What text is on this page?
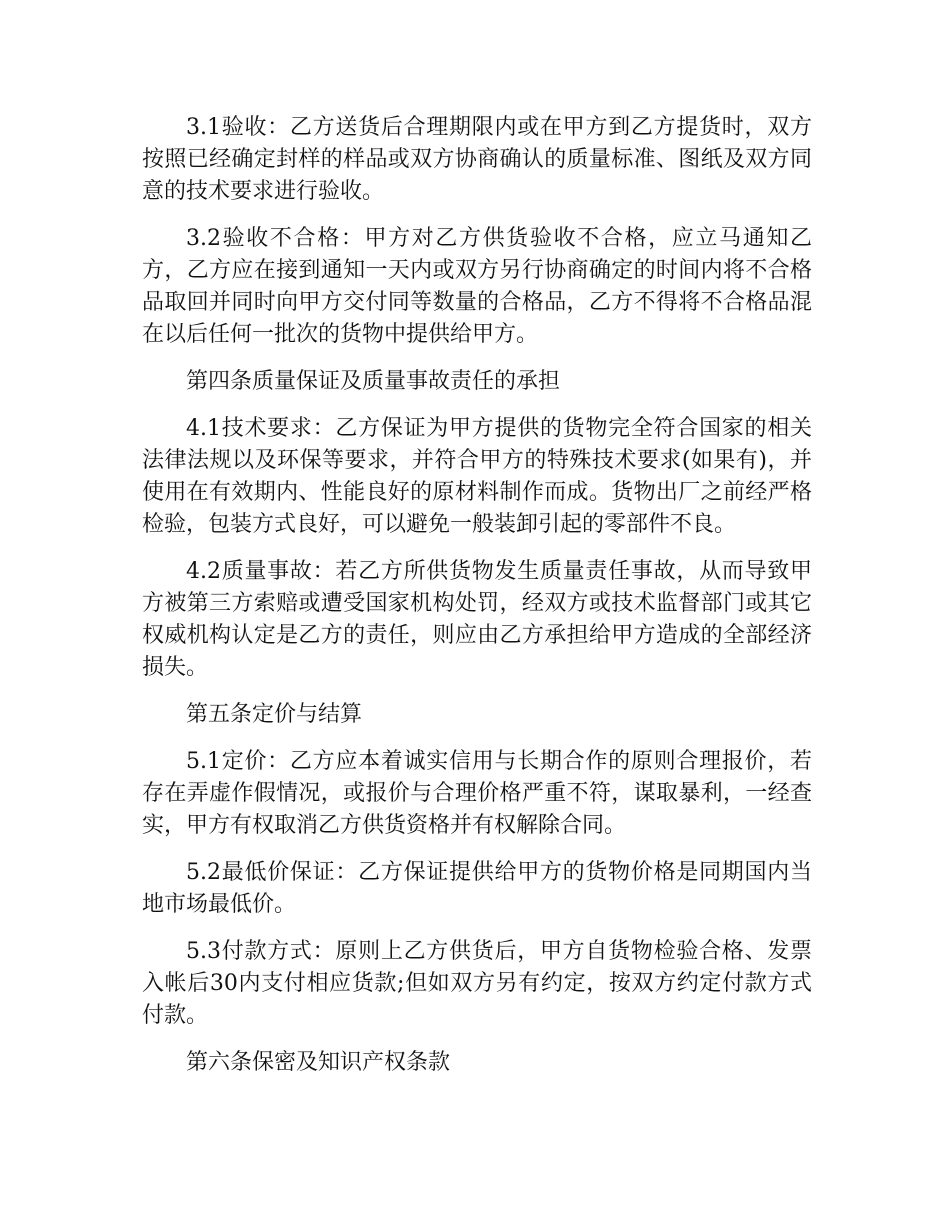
3.1验收：乙方送货后合理期限内或在甲方到乙方提货时，双方按照已经确定封样的样品或双方协商确认的质量标准、图纸及双方同意的技术要求进行验收。

3.2验收不合格：甲方对乙方供货验收不合格，应立马通知乙方，乙方应在接到通知一天内或双方另行协商确定的时间内将不合格品取回并同时向甲方交付同等数量的合格品，乙方不得将不合格品混在以后任何一批次的货物中提供给甲方。

第四条质量保证及质量事故责任的承担

4.1技术要求：乙方保证为甲方提供的货物完全符合国家的相关法律法规以及环保等要求，并符合甲方的特殊技术要求(如果有)，并使用在有效期内、性能良好的原材料制作而成。货物出厂之前经严格检验，包装方式良好，可以避免一般装卸引起的零部件不良。

4.2质量事故：若乙方所供货物发生质量责任事故，从而导致甲方被第三方索赔或遭受国家机构处罚，经双方或技术监督部门或其它权威机构认定是乙方的责任，则应由乙方承担给甲方造成的全部经济损失。

第五条定价与结算

5.1定价：乙方应本着诚实信用与长期合作的原则合理报价，若存在弄虚作假情况，或报价与合理价格严重不符，谋取暴利，一经查实，甲方有权取消乙方供货资格并有权解除合同。

5.2最低价保证：乙方保证提供给甲方的货物价格是同期国内当地市场最低价。

5.3付款方式：原则上乙方供货后，甲方自货物检验合格、发票入帐后30内支付相应货款;但如双方另有约定，按双方约定付款方式付款。

第六条保密及知识产权条款
